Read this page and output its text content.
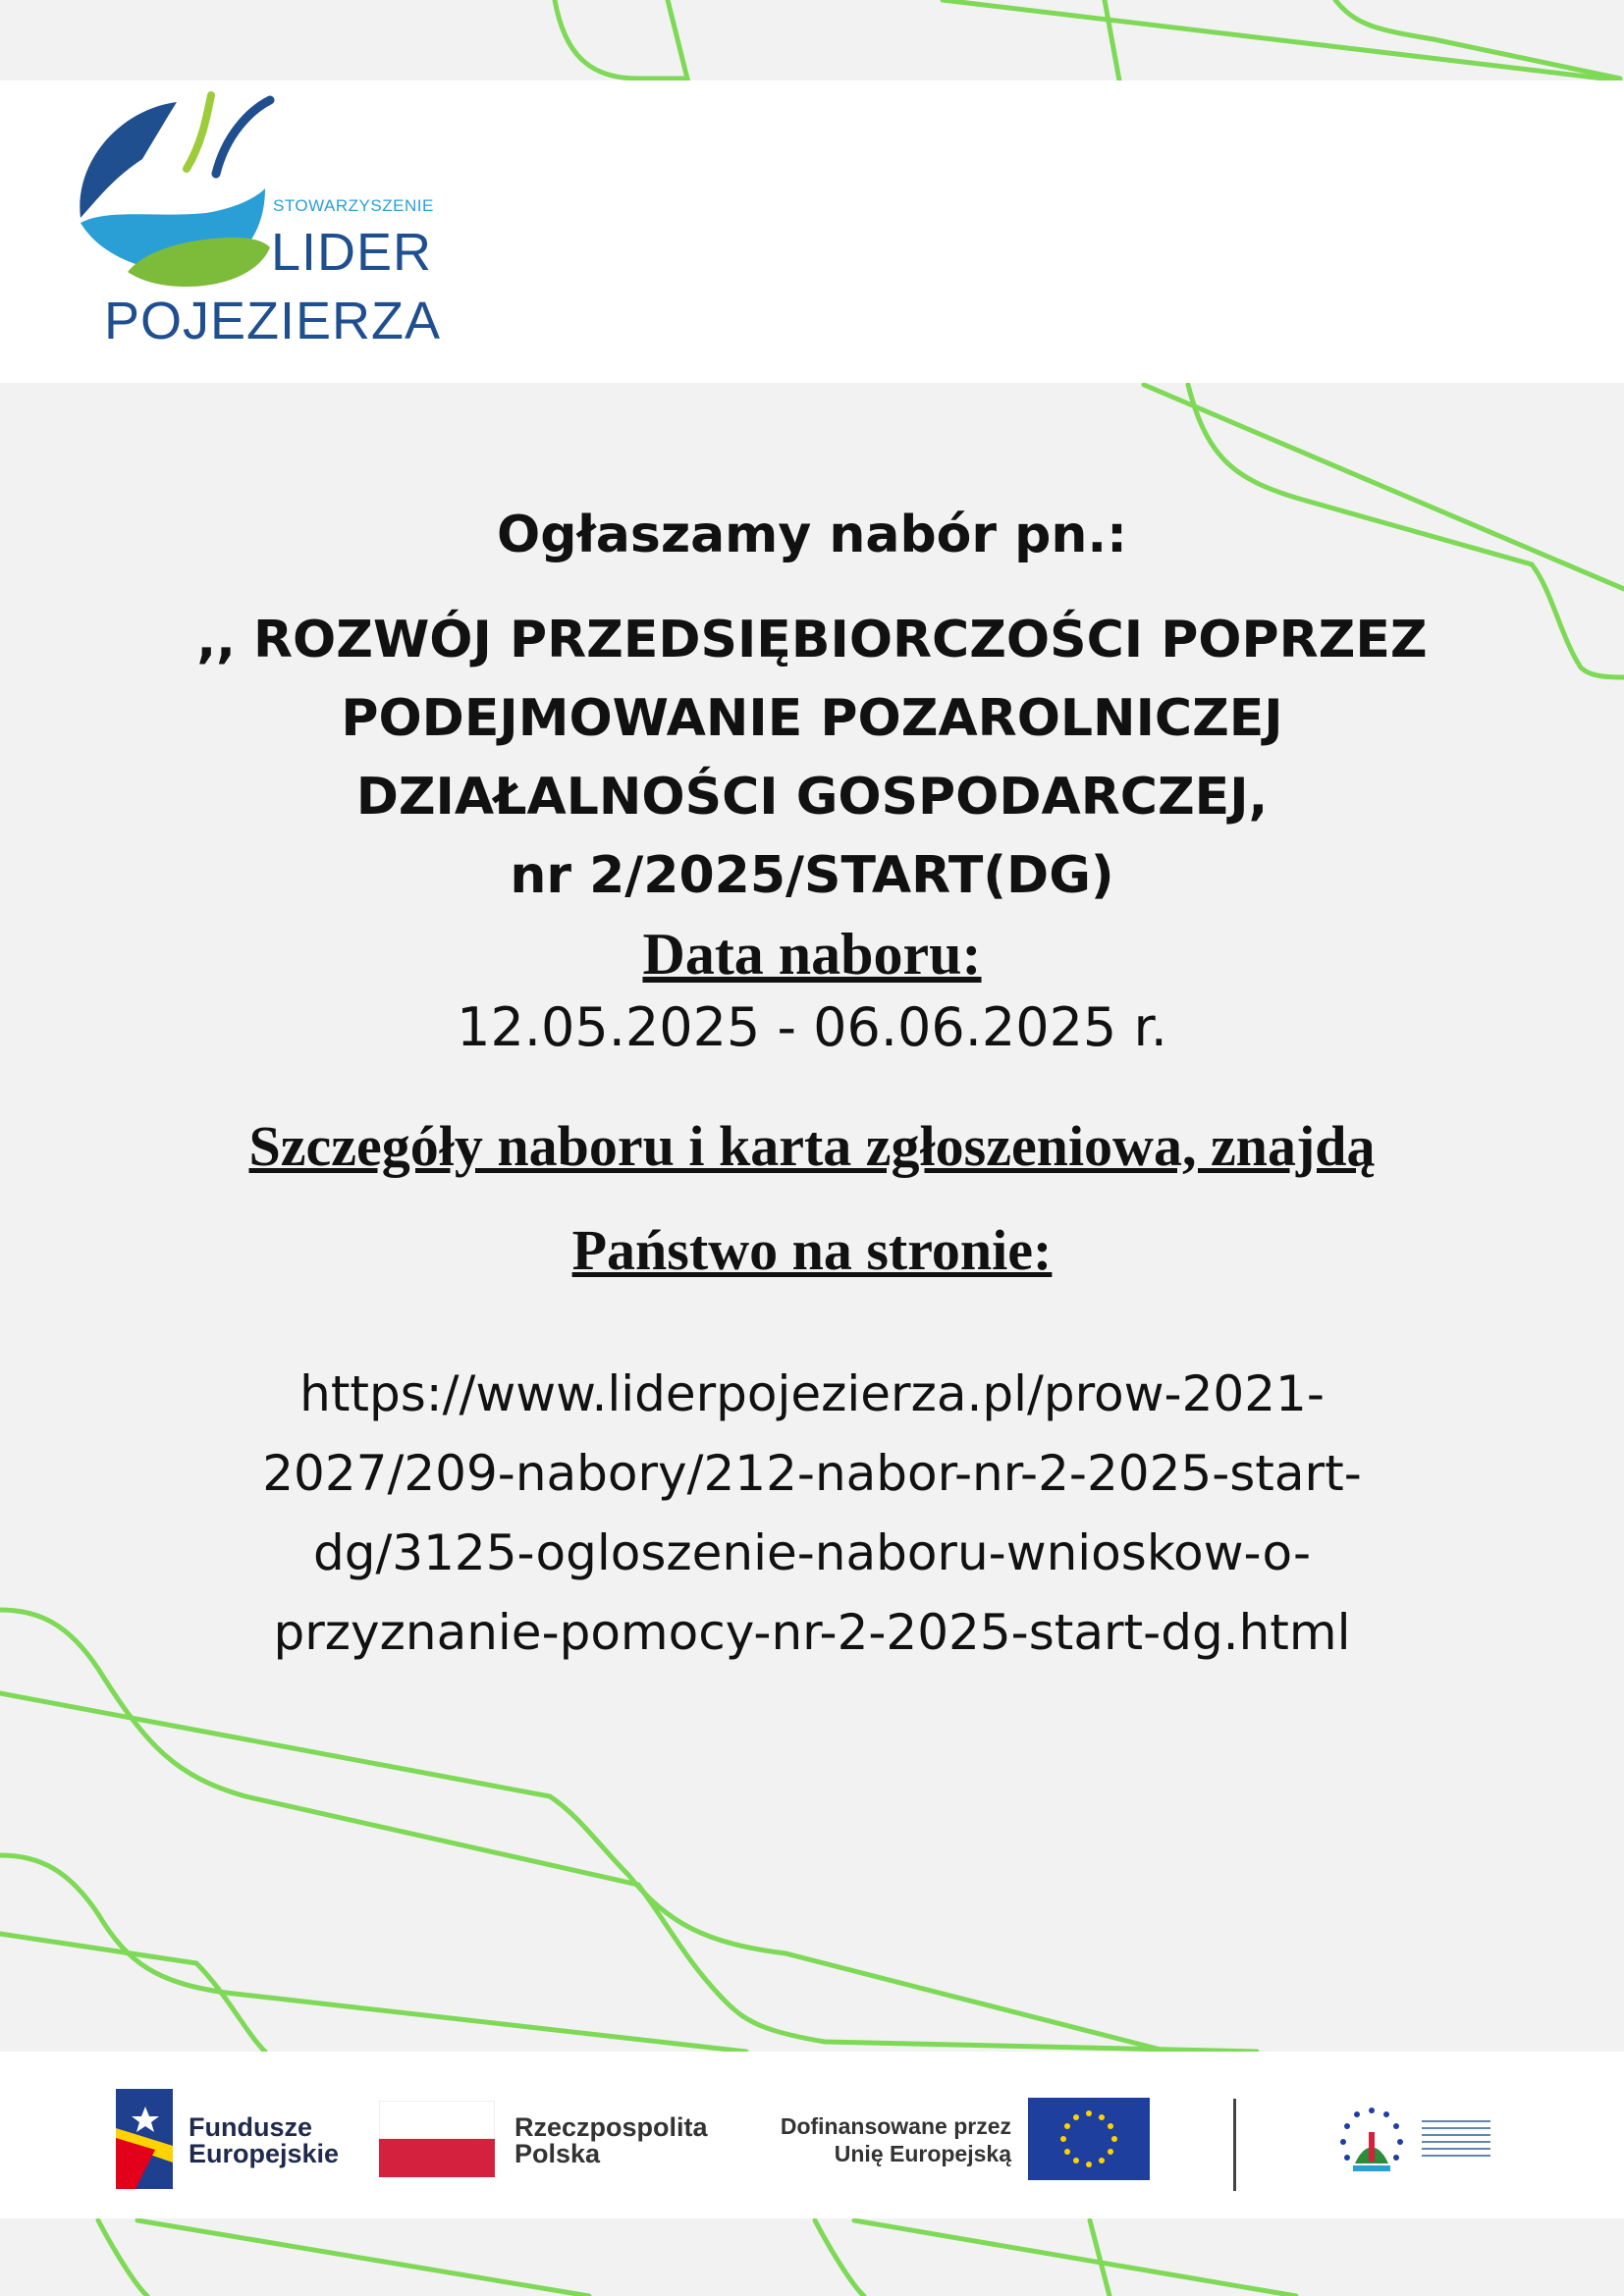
STOWARZYSZENIE
LIDER
POJEZIERZA
Ogłaszamy nabór pn.:
,, ROZWÓJ PRZEDSIĘBIORCZOŚCI POPRZEZ
PODEJMOWANIE POZAROLNICZEJ
DZIAŁALNOŚCI GOSPODARCZEJ,
nr 2/2025/START(DG)
Data naboru:
12.05.2025 - 06.06.2025 r.
Szczegóły naboru i karta zgłoszeniowa, znajdą
Państwo na stronie:
https://www.liderpojezierza.pl/prow-2021-
2027/209-nabory/212-nabor-nr-2-2025-start-
dg/3125-ogloszenie-naboru-wnioskow-o-
przyznanie-pomocy-nr-2-2025-start-dg.html
Fundusze
Europejskie
Rzeczpospolita
Polska
Dofinansowane przez
Unię Europejską
